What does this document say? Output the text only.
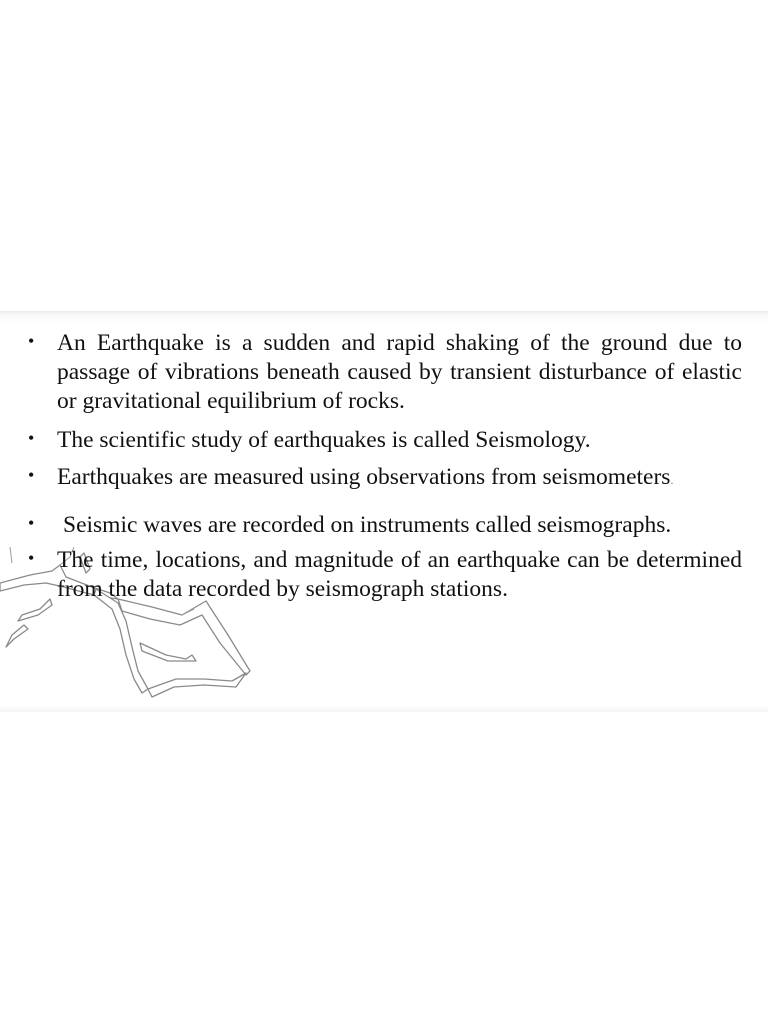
• An Earthquake is a sudden and rapid shaking of the ground due to passage of vibrations beneath caused by transient disturbance of elastic or gravitational equilibrium of rocks.
• The scientific study of earthquakes is called Seismology.
• Earthquakes are measured using observations from seismometers.
• Seismic waves are recorded on instruments called seismographs.
• The time, locations, and magnitude of an earthquake can be determined from the data recorded by seismograph stations.
